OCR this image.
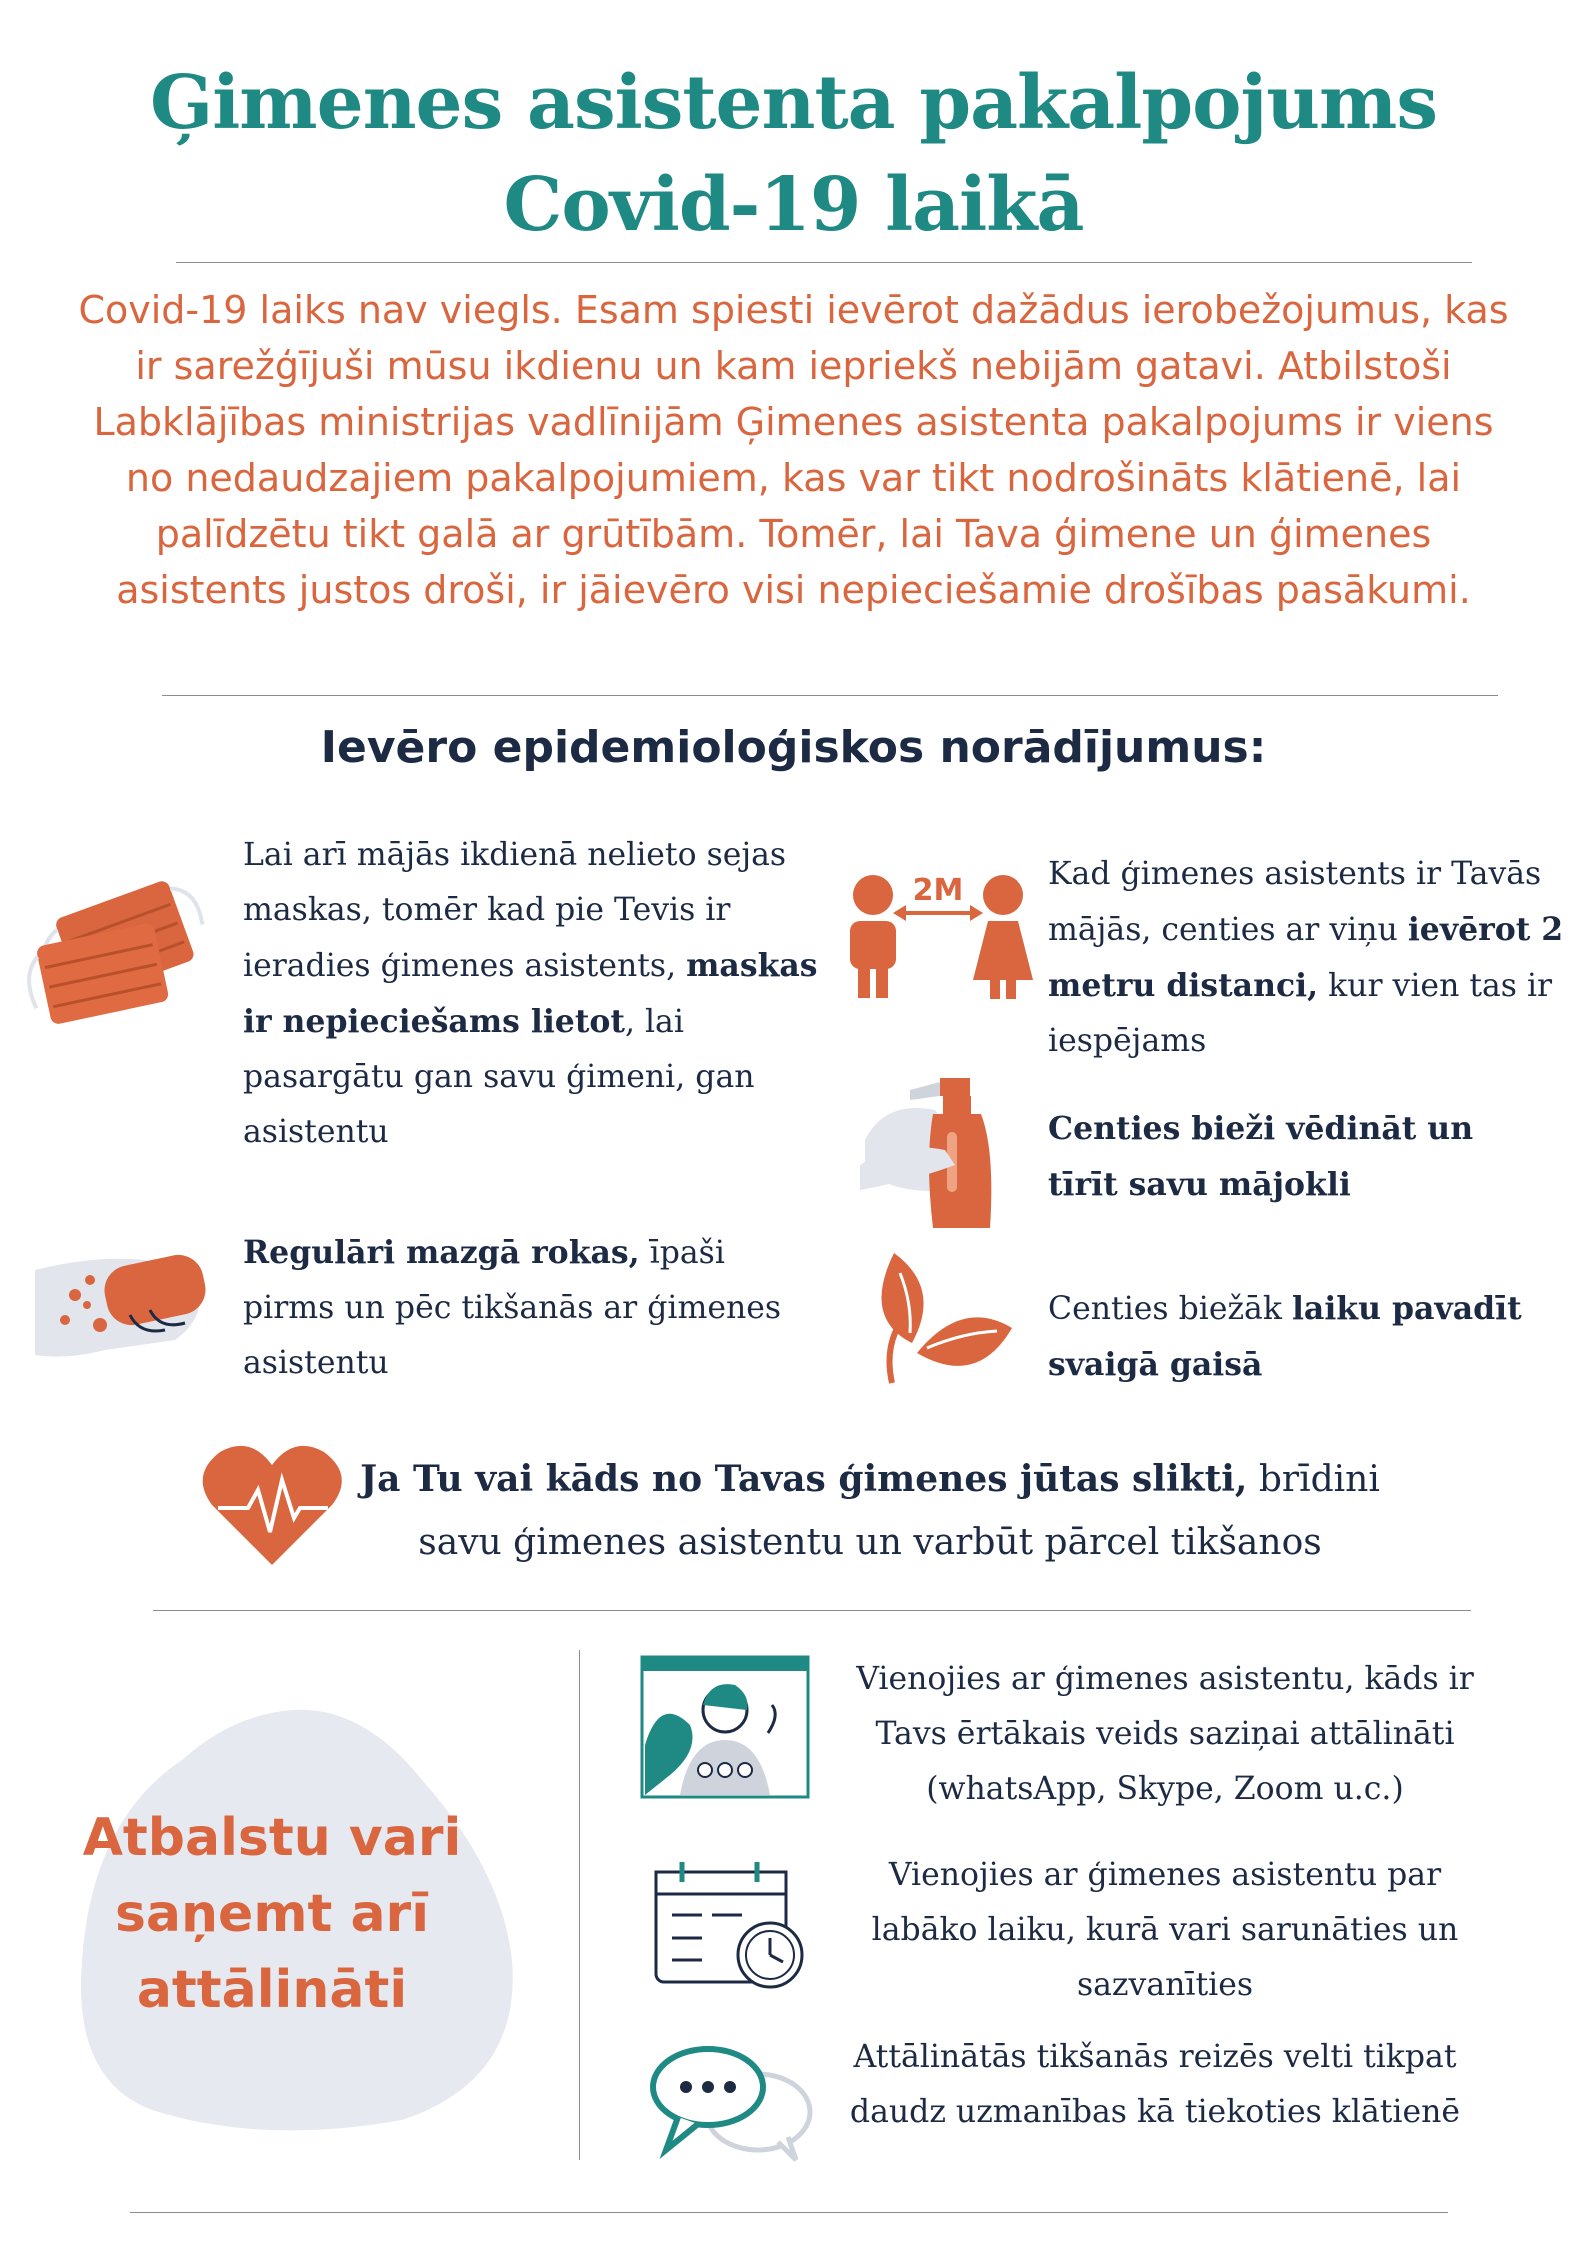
Ģimenes asistenta pakalpojums
Covid-19 laikā
Covid-19 laiks nav viegls. Esam spiesti ievērot dažādus ierobežojumus, kas ir sarežģījuši mūsu ikdienu un kam iepriekš nebijām gatavi. Atbilstoši Labklājības ministrijas vadlīnijām Ģimenes asistenta pakalpojums ir viens no nedaudzajiem pakalpojumiem, kas var tikt nodrošināts klātienē, lai palīdzētu tikt galā ar grūtībām. Tomēr, lai Tava ģimene un ģimenes asistents justos droši, ir jāievēro visi nepieciešamie drošības pasākumi.
Ievēro epidemioloģiskos norādījumus:
Lai arī mājās ikdienā nelieto sejas maskas, tomēr kad pie Tevis ir ieradies ģimenes asistents, maskas ir nepieciešams lietot, lai pasargātu gan savu ģimeni, gan asistentu
2M	Kad ģimenes asistents ir Tavās mājās, centies ar viņu ievērot 2 metru distanci, kur vien tas ir iespējams
Centies bieži vēdināt un tīrīt savu mājokli
Regulāri mazgā rokas, īpaši pirms un pēc tikšanās ar ģimenes asistentu
Centies biežāk laiku pavadīt svaigā gaisā
Ja Tu vai kāds no Tavas ģimenes jūtas slikti, brīdini
savu ģimenes asistentu un varbūt pārcel tikšanos
Atbalstu vari
saņemt arī
attālināti
Vienojies ar ģimenes asistentu, kāds ir Tavs ērtākais veids saziņai attālināti (whatsApp, Skype, Zoom u.c.)
Vienojies ar ģimenes asistentu par labāko laiku, kurā vari sarunāties un sazvanīties
Attālinātās tikšanās reizēs velti tikpat daudz uzmanības kā tiekoties klātienē
